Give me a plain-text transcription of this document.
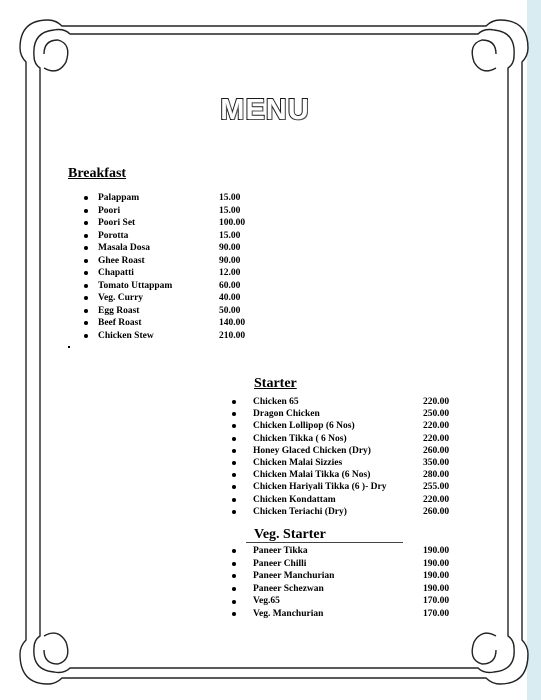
MENU
Breakfast
Palappam	15.00
Poori	15.00
Poori Set	100.00
Porotta	15.00
Masala Dosa	90.00
Ghee Roast	90.00
Chapatti	12.00
Tomato Uttappam	60.00
Veg. Curry	40.00
Egg Roast	50.00
Beef Roast	140.00
Chicken Stew	210.00
Starter
Chicken 65	220.00
Dragon Chicken	250.00
Chicken Lollipop (6 Nos)	220.00
Chicken Tikka ( 6 Nos)	220.00
Honey Glaced Chicken (Dry)	260.00
Chicken Malai Sizzies	350.00
Chicken Malai Tikka (6 Nos)	280.00
Chicken Hariyali Tikka (6 )- Dry	255.00
Chicken Kondattam	220.00
Chicken Teriachi (Dry)	260.00
Veg. Starter
Paneer Tikka	190.00
Paneer Chilli	190.00
Paneer Manchurian	190.00
Paneer Schezwan	190.00
Veg.65	170.00
Veg. Manchurian	170.00
